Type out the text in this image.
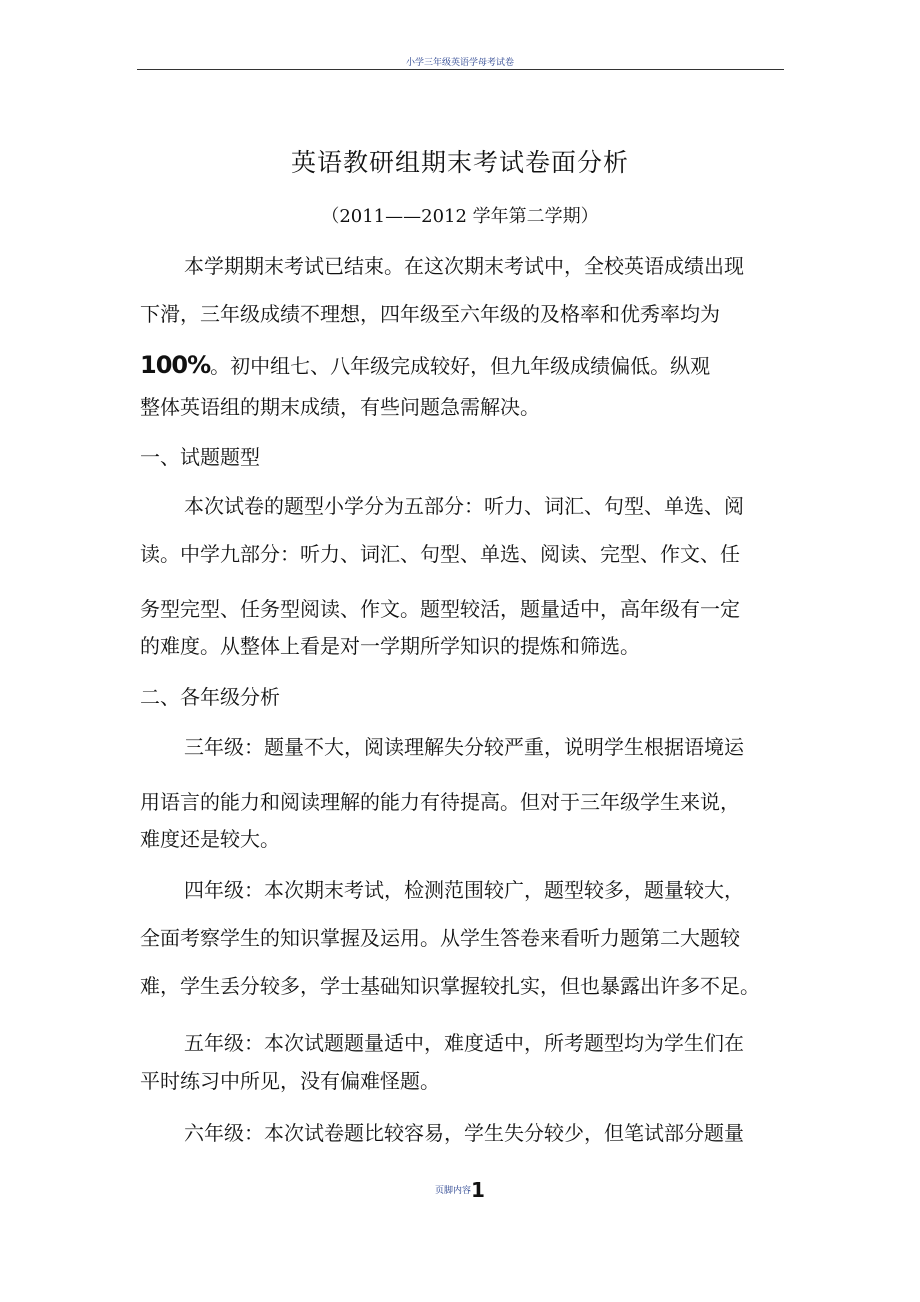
小学三年级英语学母考试卷
英语教研组期末考试卷面分析
（2011——2012 学年第二学期）
本学期期末考试已结束。在这次期末考试中，全校英语成绩出现
下滑，三年级成绩不理想，四年级至六年级的及格率和优秀率均为
100%。初中组七、八年级完成较好，但九年级成绩偏低。纵观
整体英语组的期末成绩，有些问题急需解决。
一、试题题型
本次试卷的题型小学分为五部分：听力、词汇、句型、单选、阅
读。中学九部分：听力、词汇、句型、单选、阅读、完型、作文、任
务型完型、任务型阅读、作文。题型较活，题量适中，高年级有一定
的难度。从整体上看是对一学期所学知识的提炼和筛选。
二、各年级分析
三年级：题量不大，阅读理解失分较严重，说明学生根据语境运
用语言的能力和阅读理解的能力有待提高。但对于三年级学生来说，
难度还是较大。
四年级：本次期末考试，检测范围较广，题型较多，题量较大，
全面考察学生的知识掌握及运用。从学生答卷来看听力题第二大题较
难，学生丢分较多，学士基础知识掌握较扎实，但也暴露出许多不足。
五年级：本次试题题量适中，难度适中，所考题型均为学生们在
平时练习中所见，没有偏难怪题。
六年级：本次试卷题比较容易，学生失分较少，但笔试部分题量
页脚内容1
